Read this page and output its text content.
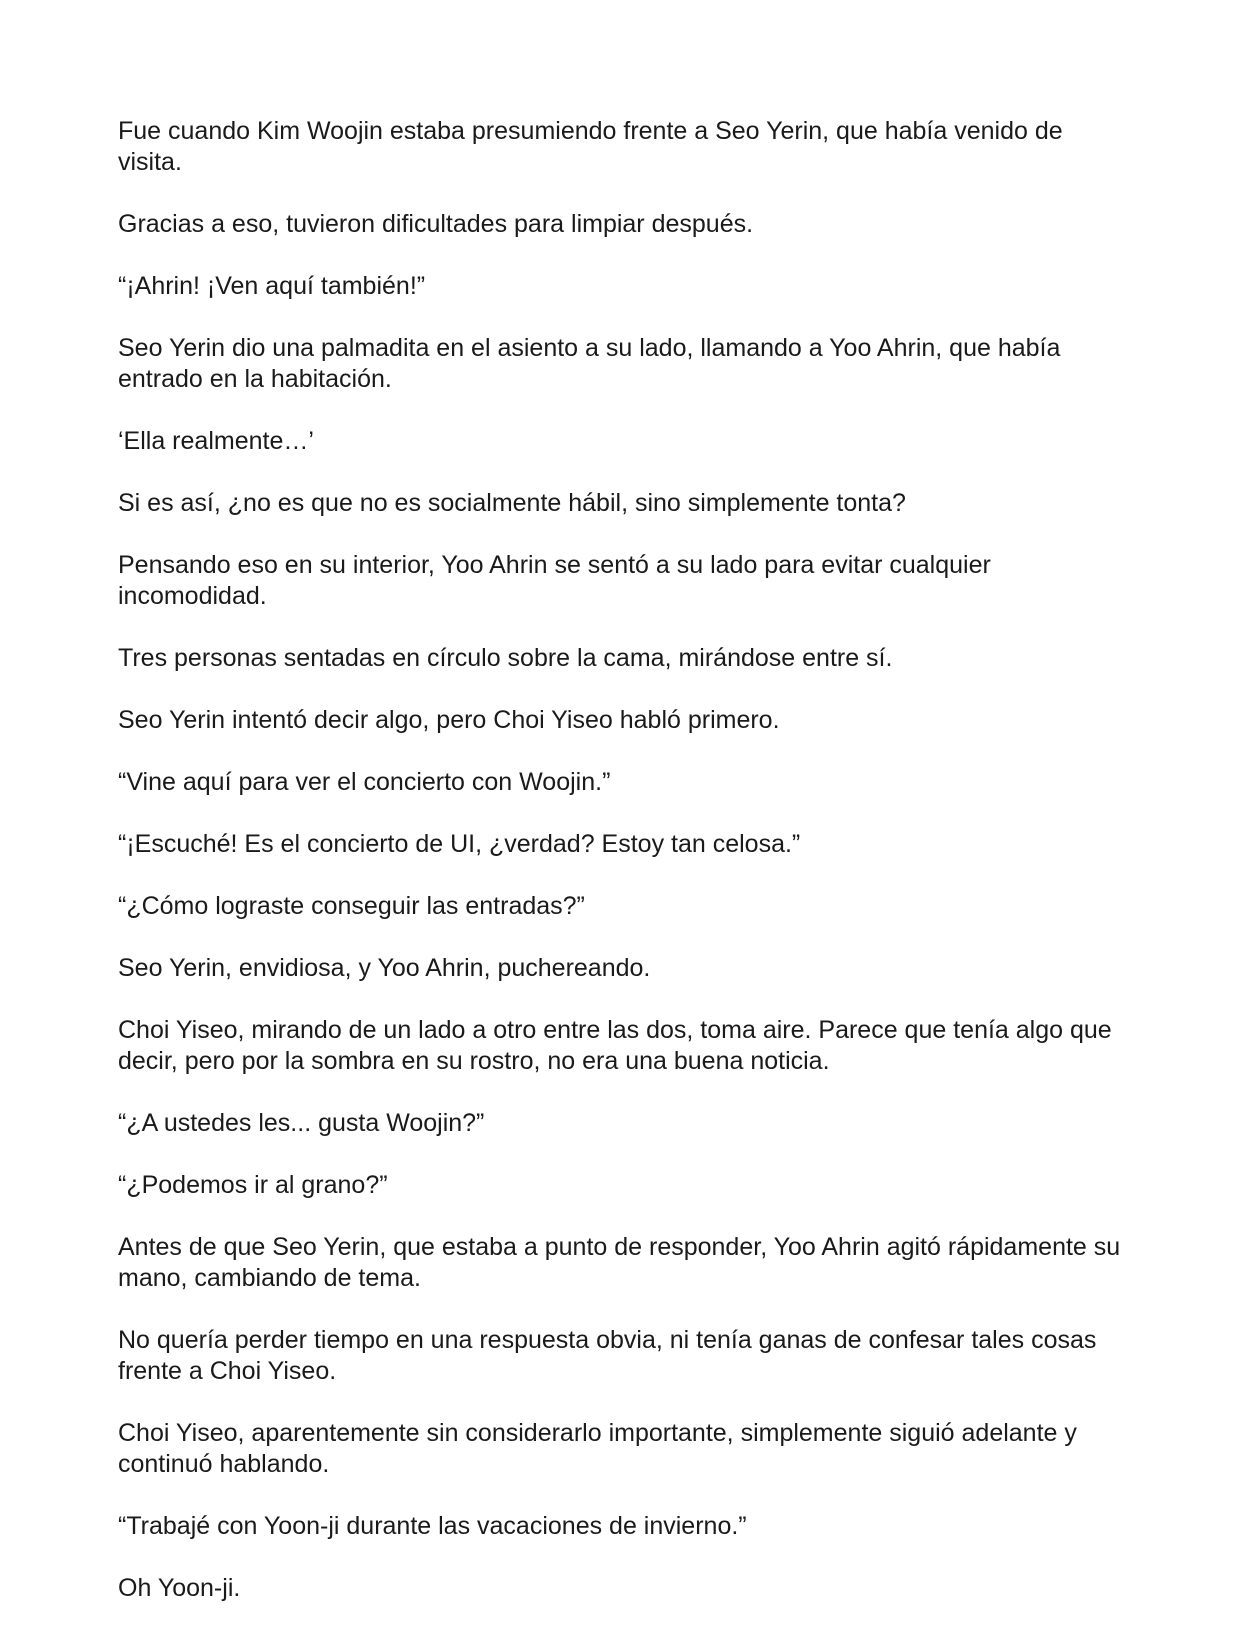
Fue cuando Kim Woojin estaba presumiendo frente a Seo Yerin, que había venido de visita.

Gracias a eso, tuvieron dificultades para limpiar después.

“¡Ahrin! ¡Ven aquí también!”

Seo Yerin dio una palmadita en el asiento a su lado, llamando a Yoo Ahrin, que había entrado en la habitación.

‘Ella realmente…’

Si es así, ¿no es que no es socialmente hábil, sino simplemente tonta?

Pensando eso en su interior, Yoo Ahrin se sentó a su lado para evitar cualquier incomodidad.

Tres personas sentadas en círculo sobre la cama, mirándose entre sí.

Seo Yerin intentó decir algo, pero Choi Yiseo habló primero.

“Vine aquí para ver el concierto con Woojin.”

“¡Escuché! Es el concierto de UI, ¿verdad? Estoy tan celosa.”

“¿Cómo lograste conseguir las entradas?”

Seo Yerin, envidiosa, y Yoo Ahrin, puchereando.

Choi Yiseo, mirando de un lado a otro entre las dos, toma aire. Parece que tenía algo que decir, pero por la sombra en su rostro, no era una buena noticia.

“¿A ustedes les... gusta Woojin?”

“¿Podemos ir al grano?”

Antes de que Seo Yerin, que estaba a punto de responder, Yoo Ahrin agitó rápidamente su mano, cambiando de tema.

No quería perder tiempo en una respuesta obvia, ni tenía ganas de confesar tales cosas frente a Choi Yiseo.

Choi Yiseo, aparentemente sin considerarlo importante, simplemente siguió adelante y continuó hablando.

“Trabajé con Yoon-ji durante las vacaciones de invierno.”

Oh Yoon-ji.
